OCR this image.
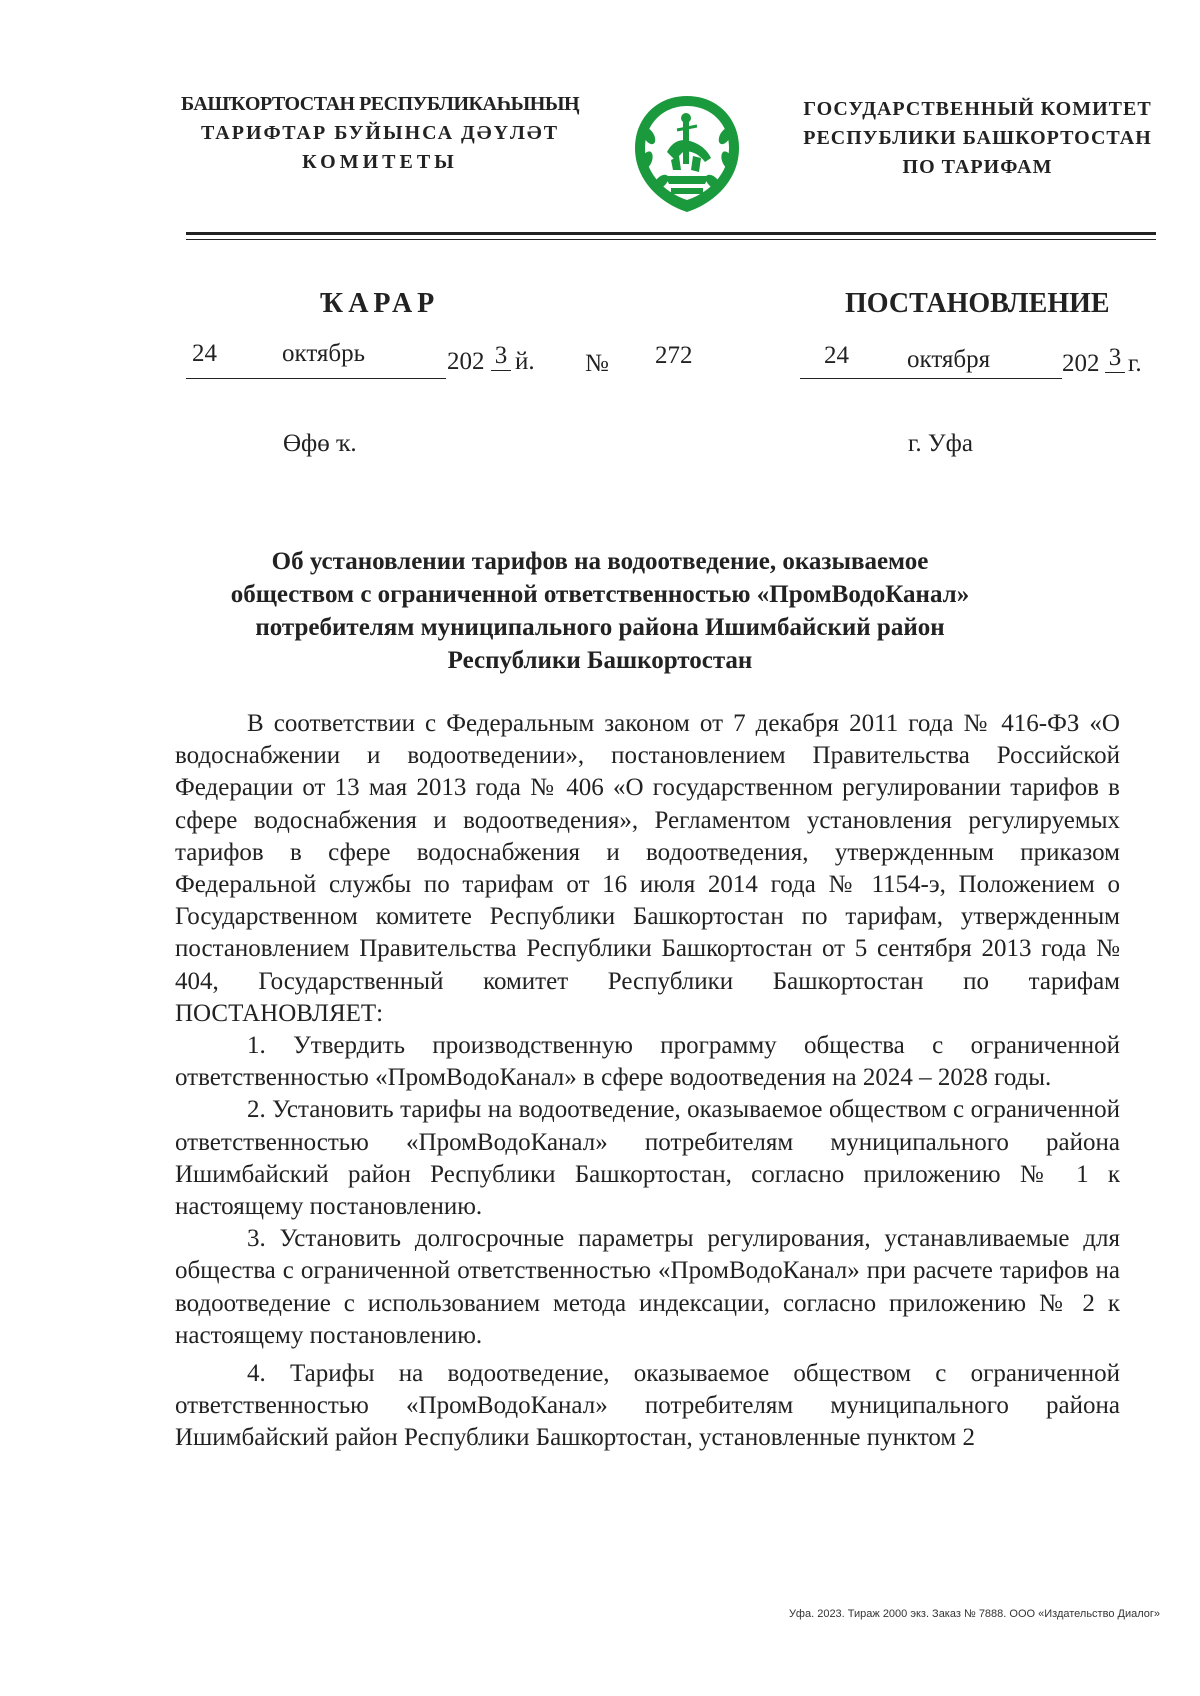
БАШҠОРТОСТАН РЕСПУБЛИКАҺЫНЫҢ
ТАРИФТАР БУЙЫНСА ДӘҮЛӘТ
КОМИТЕТЫ
ГОСУДАРСТВЕННЫЙ КОМИТЕТ
РЕСПУБЛИКИ БАШКОРТОСТАН
ПО ТАРИФАМ
ҠАРАР	ПОСТАНОВЛЕНИЕ
24	октябрь	202 3 й. № 272	24 октября	202 3 г.
Өфө ҡ.	г. Уфа
Об установлении тарифов на водоотведение, оказываемое
обществом с ограниченной ответственностью «ПромВодоКанал»
потребителям муниципального района Ишимбайский район
Республики Башкортостан

В соответствии с Федеральным законом от 7 декабря 2011 года № 416-ФЗ «О водоснабжении и водоотведении», постановлением Правительства Российской Федерации от 13 мая 2013 года № 406 «О государственном регулировании тарифов в сфере водоснабжения и водоотведения», Регламентом установления регулируемых тарифов в сфере водоснабжения и водоотведения, утвержденным приказом Федеральной службы по тарифам от 16 июля 2014 года № 1154-э, Положением о Государственном комитете Республики Башкортостан по тарифам, утвержденным постановлением Правительства Республики Башкортостан от 5 сентября 2013 года № 404, Государственный комитет Республики Башкортостан по тарифам ПОСТАНОВЛЯЕТ:

1. Утвердить производственную программу общества с ограниченной ответственностью «ПромВодоКанал» в сфере водоотведения на 2024 – 2028 годы.

2. Установить тарифы на водоотведение, оказываемое обществом с ограниченной ответственностью «ПромВодоКанал» потребителям муниципального района Ишимбайский район Республики Башкортостан, согласно приложению № 1 к настоящему постановлению.

3. Установить долгосрочные параметры регулирования, устанавливаемые для общества с ограниченной ответственностью «ПромВодоКанал» при расчете тарифов на водоотведение с использованием метода индексации, согласно приложению № 2 к настоящему постановлению.

4. Тарифы на водоотведение, оказываемое обществом с ограниченной ответственностью «ПромВодоКанал» потребителям муниципального района Ишимбайский район Республики Башкортостан, установленные пунктом 2

Уфа. 2023. Тираж 2000 экз. Заказ № 7888. ООО «Издательство Диалог»
